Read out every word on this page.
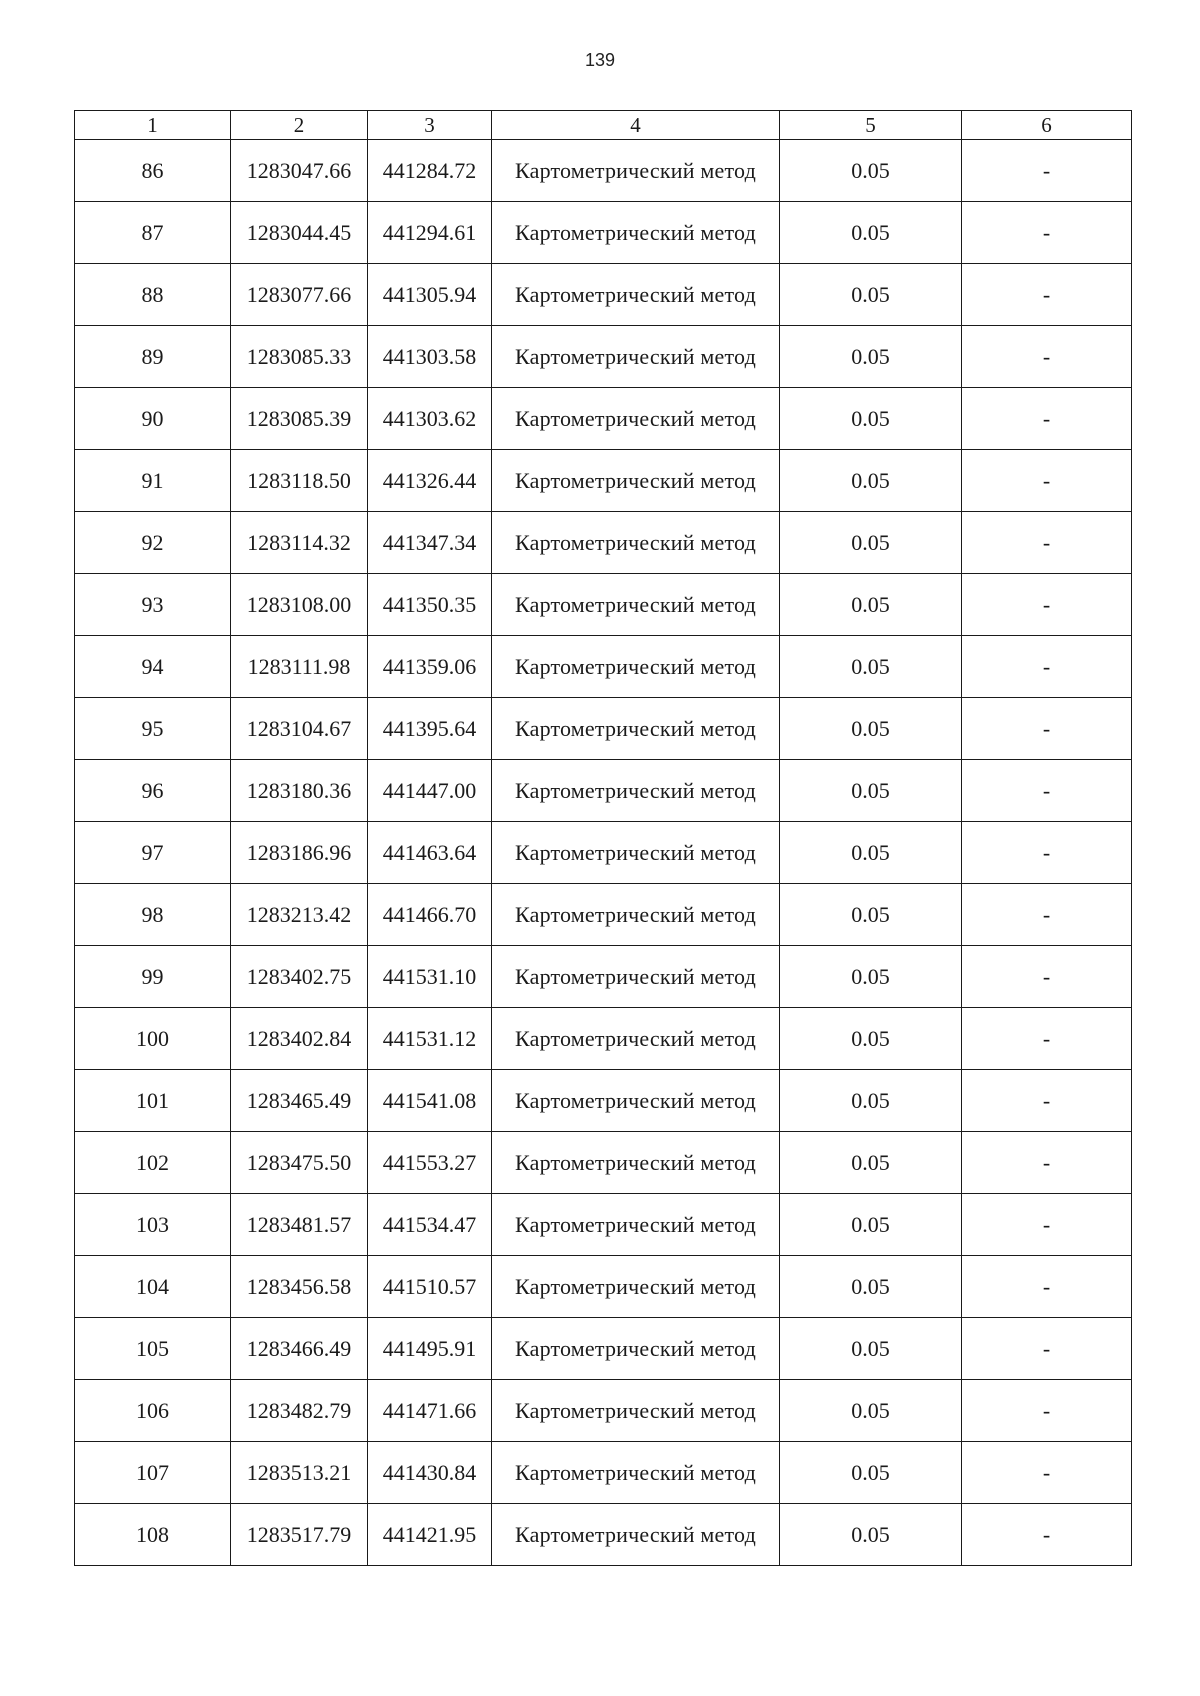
139
1	2	3	4	5	6
86	1283047.66	441284.72	Картометрический метод	0.05	-
87	1283044.45	441294.61	Картометрический метод	0.05	-
88	1283077.66	441305.94	Картометрический метод	0.05	-
89	1283085.33	441303.58	Картометрический метод	0.05	-
90	1283085.39	441303.62	Картометрический метод	0.05	-
91	1283118.50	441326.44	Картометрический метод	0.05	-
92	1283114.32	441347.34	Картометрический метод	0.05	-
93	1283108.00	441350.35	Картометрический метод	0.05	-
94	1283111.98	441359.06	Картометрический метод	0.05	-
95	1283104.67	441395.64	Картометрический метод	0.05	-
96	1283180.36	441447.00	Картометрический метод	0.05	-
97	1283186.96	441463.64	Картометрический метод	0.05	-
98	1283213.42	441466.70	Картометрический метод	0.05	-
99	1283402.75	441531.10	Картометрический метод	0.05	-
100	1283402.84	441531.12	Картометрический метод	0.05	-
101	1283465.49	441541.08	Картометрический метод	0.05	-
102	1283475.50	441553.27	Картометрический метод	0.05	-
103	1283481.57	441534.47	Картометрический метод	0.05	-
104	1283456.58	441510.57	Картометрический метод	0.05	-
105	1283466.49	441495.91	Картометрический метод	0.05	-
106	1283482.79	441471.66	Картометрический метод	0.05	-
107	1283513.21	441430.84	Картометрический метод	0.05	-
108	1283517.79	441421.95	Картометрический метод	0.05	-
